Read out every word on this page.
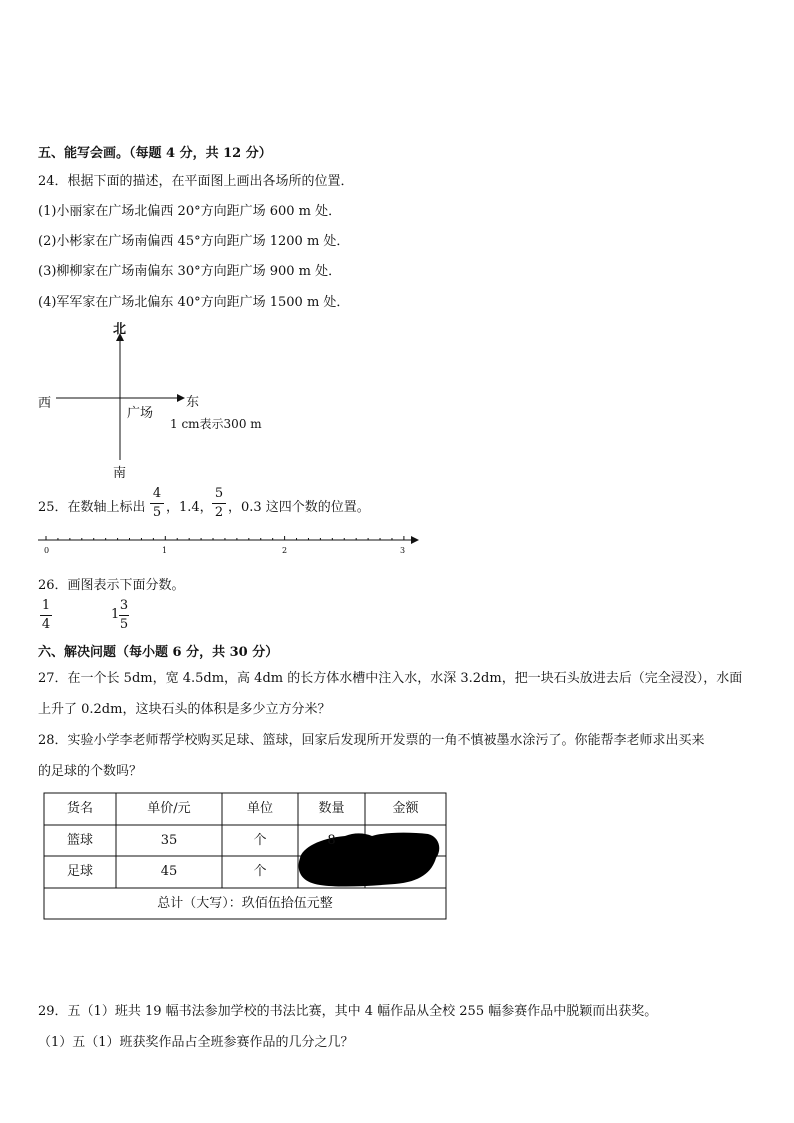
五、能写会画。（每题 4 分，共 12 分）
24．根据下面的描述，在平面图上画出各场所的位置．
(1)小丽家在广场北偏西 20°方向距广场 600 m 处．
(2)小彬家在广场南偏西 45°方向距广场 1200 m 处．
(3)柳柳家在广场南偏东 30°方向距广场 900 m 处．
(4)军军家在广场北偏东 40°方向距广场 1500 m 处．
北
南
西	东
广场
1 cm表示300 m
25．在数轴上标出
4
5 ，1.4，
5
2 ，0.3 这四个数的位置。
0	1	2	3
26．画图表示下面分数。
1
4
1
3
5
六、解决问题（每小题 6 分，共 30 分）
27．在一个长 5dm，宽 4.5dm，高 4dm 的长方体水槽中注入水，水深 3.2dm，把一块石头放进去后（完全浸没），水面
上升了 0.2dm，这块石头的体积是多少立方分米？
28．实验小学李老师帮学校购买足球、篮球，回家后发现所开发票的一角不慎被墨水涂污了。你能帮李老师求出买来
的足球的个数吗？
货名	单价/元	单位	数量	金额
篮球	35	个	8
足球	45	个
总计（大写）：玖佰伍拾伍元整
29．五（1）班共 19 幅书法参加学校的书法比赛，其中 4 幅作品从全校 255 幅参赛作品中脱颖而出获奖。
（1）五（1）班获奖作品占全班参赛作品的几分之几？
